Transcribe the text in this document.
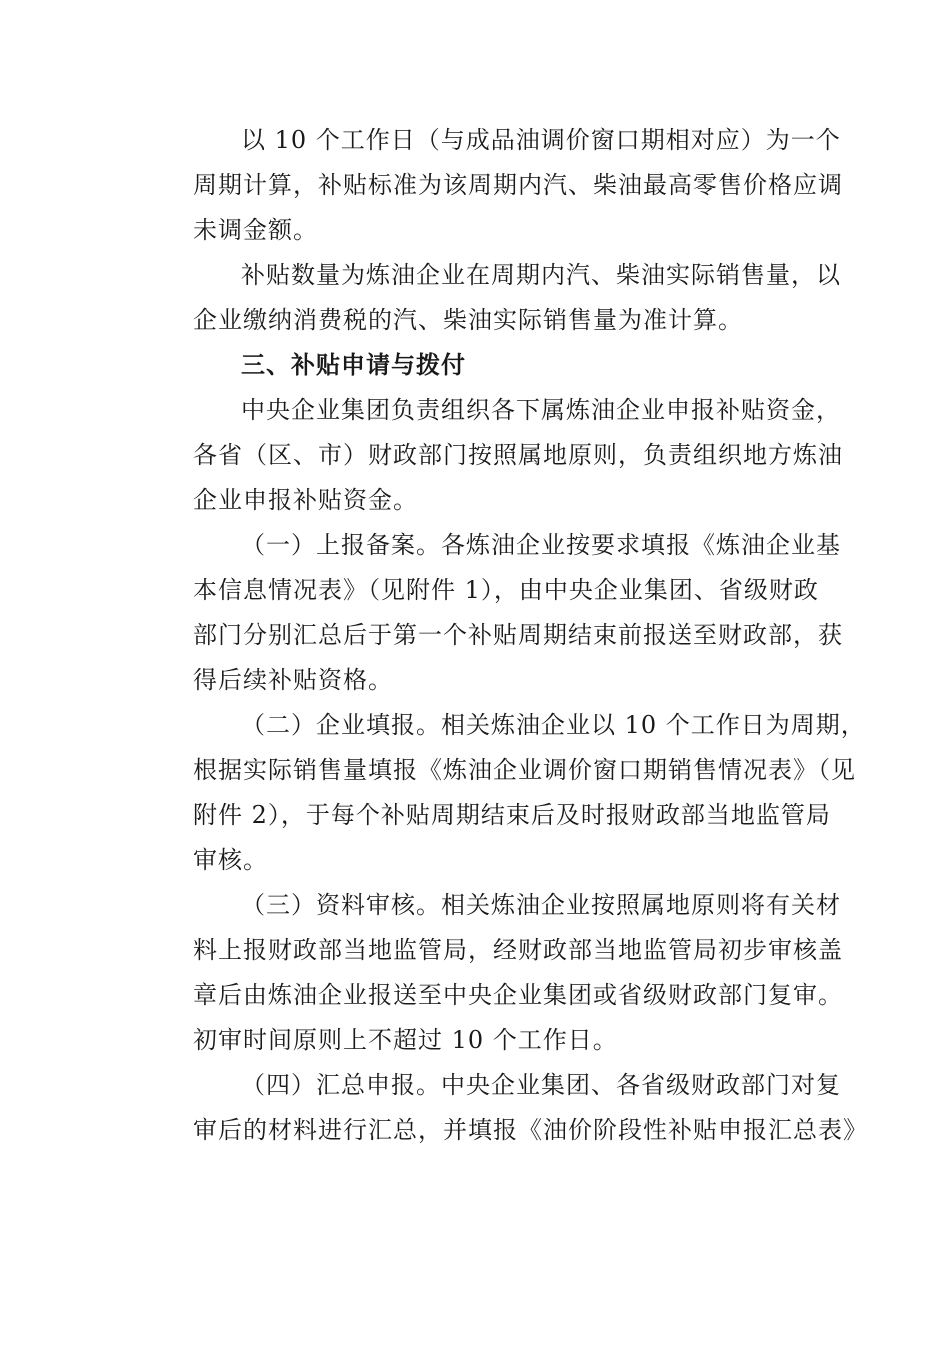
以 10 个工作日（与成品油调价窗口期相对应）为一个
周期计算，补贴标准为该周期内汽、柴油最高零售价格应调
未调金额。
补贴数量为炼油企业在周期内汽、柴油实际销售量，以
企业缴纳消费税的汽、柴油实际销售量为准计算。
三、补贴申请与拨付
中央企业集团负责组织各下属炼油企业申报补贴资金，
各省（区、市）财政部门按照属地原则，负责组织地方炼油
企业申报补贴资金。
（一）上报备案。各炼油企业按要求填报《炼油企业基
本信息情况表》（见附件 1），由中央企业集团、省级财政
部门分别汇总后于第一个补贴周期结束前报送至财政部，获
得后续补贴资格。
（二）企业填报。相关炼油企业以 10 个工作日为周期，
根据实际销售量填报《炼油企业调价窗口期销售情况表》（见
附件 2），于每个补贴周期结束后及时报财政部当地监管局
审核。
（三）资料审核。相关炼油企业按照属地原则将有关材
料上报财政部当地监管局，经财政部当地监管局初步审核盖
章后由炼油企业报送至中央企业集团或省级财政部门复审。
初审时间原则上不超过 10 个工作日。
（四）汇总申报。中央企业集团、各省级财政部门对复
审后的材料进行汇总，并填报《油价阶段性补贴申报汇总表》
